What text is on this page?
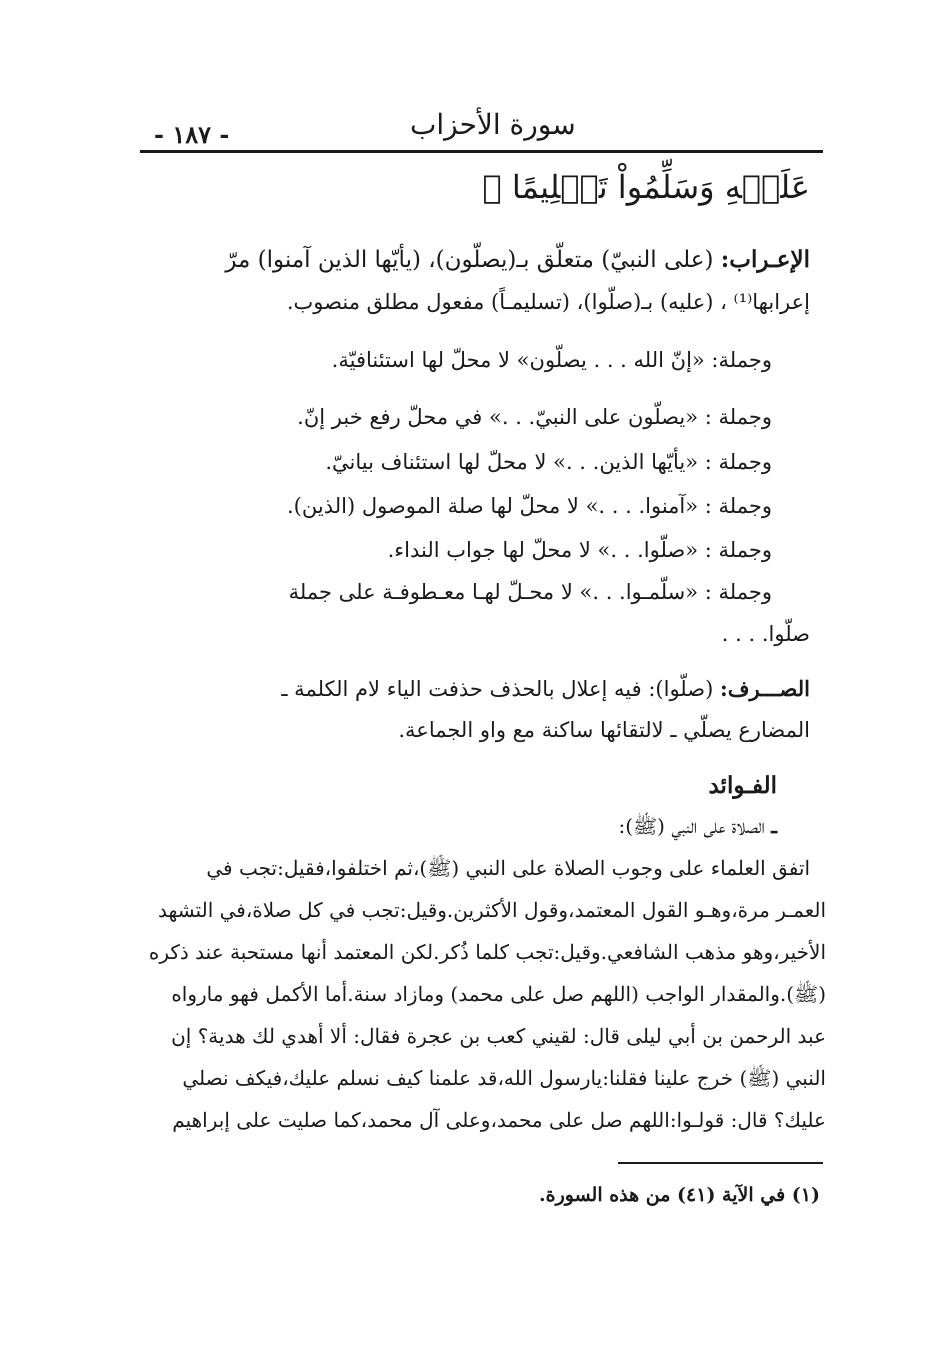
- ١٨٧ -	سورة الأحزاب
عَلَيۡهِ وَسَلِّمُواْ تَسۡلِيمًا ﴾
الإعـراب: (على النبيّ) متعلّق بـ(يصلّون)، (يأيّها الذين آمنوا) مرّ
إعرابها⁽¹⁾ ، (عليه) بـ(صلّوا)، (تسليمـاً) مفعول مطلق منصوب.
وجملة: «إنّ الله . . . يصلّون» لا محلّ لها استئنافيّة.
وجملة : «يصلّون على النبيّ. . .» في محلّ رفع خبر إنّ.
وجملة : «يأيّها الذين. . .» لا محلّ لها استئناف بيانيّ.
وجملة : «آمنوا. . . .» لا محلّ لها صلة الموصول (الذين).
وجملة : «صلّوا. . .» لا محلّ لها جواب النداء.
وجملة : «سلّمـوا. . .» لا محـلّ لهـا معـطوفـة على جملة
صلّوا. . . .
الصـــرف: (صلّوا): فيه إعلال بالحذف حذفت الياء لام الكلمة ـ
المضارع يصلّي ـ لالتقائها ساكنة مع واو الجماعة.
الفـوائد
ـ الصلاة على النبي (ﷺ):
اتفق العلماء على وجوب الصلاة على النبي (ﷺ)،ثم اختلفوا،فقيل:تجب في
العمـر مرة،وهـو القول المعتمد،وقول الأكثرين.وقيل:تجب في كل صلاة،في التشهد
الأخير،وهو مذهب الشافعي.وقيل:تجب كلما ذُكر.لكن المعتمد أنها مستحبة عند ذكره
(ﷺ).والمقدار الواجب (اللهم صل على محمد) ومازاد سنة.أما الأكمل فهو مارواه
عبد الرحمن بن أبي ليلى قال: لقيني كعب بن عجرة فقال: ألا أهدي لك هدية؟ إن
النبي (ﷺ) خرج علينا فقلنا:يارسول الله،قد علمنا كيف نسلم عليك،فيكف نصلي
عليك؟ قال: قولـوا:اللهم صل على محمد،وعلى آل محمد،كما صليت على إبراهيم
(١) في الآية (٤١) من هذه السورة.
